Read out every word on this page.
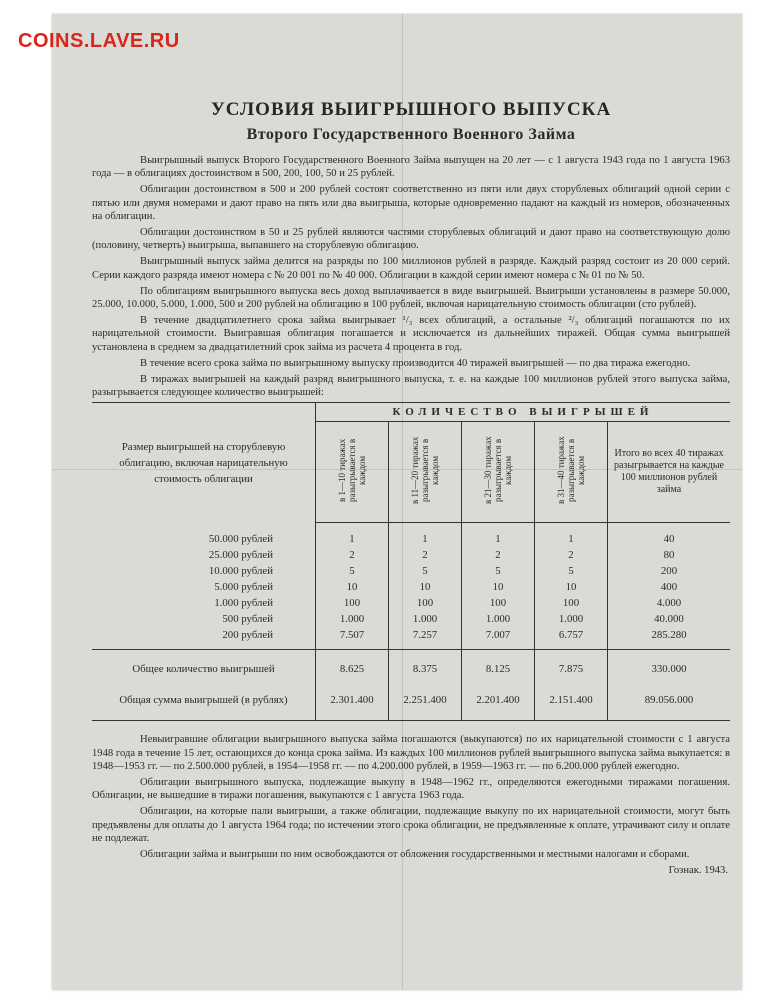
COINS.LAVE.RU
УСЛОВИЯ ВЫИГРЫШНОГО ВЫПУСКА
Второго Государственного Военного Займа

Выигрышный выпуск Второго Государственного Военного Займа выпущен на 20 лет — с 1 августа 1943 года по 1 августа 1963 года — в облигациях достоинством в 500, 200, 100, 50 и 25 рублей.

Облигации достоинством в 500 и 200 рублей состоят соответственно из пяти или двух сторублевых облигаций одной серии с пятью или двумя номерами и дают право на пять или два выигрыша, которые одновременно падают на каждый из номеров, обозначенных на облигации.

Облигации достоинством в 50 и 25 рублей являются частями сторублевых облигаций и дают право на соответствующую долю (половину, четверть) выигрыша, выпавшего на сторублевую облигацию.

Выигрышный выпуск займа делится на разряды по 100 миллионов рублей в разряде. Каждый разряд состоит из 20 000 серий. Серии каждого разряда имеют номера с № 20 001 по № 40 000. Облигации в каждой серии имеют номера с № 01 по № 50.

По облигациям выигрышного выпуска весь доход выплачивается в виде выигрышей. Выигрыши установлены в размере 50.000, 25.000, 10.000, 5.000, 1.000, 500 и 200 рублей на облигацию в 100 рублей, включая нарицательную стоимость облигации (сто рублей).

В течение двадцатилетнего срока займа выигрывает ¹/₃ всех облигаций, а остальные ²/₃ облигаций погашаются по их нарицательной стоимости. Выигравшая облигация погашается и исключается из дальнейших тиражей. Общая сумма выигрышей установлена в среднем за двадцатилетний срок займа из расчета 4 процента в год.

В течение всего срока займа по выигрышному выпуску производится 40 тиражей выигрышей — по два тиража ежегодно.

В тиражах выигрышей на каждый разряд выигрышного выпуска, т. е. на каждые 100 миллионов рублей этого выпуска займа, разыгрывается следующее количество выигрышей:

Размер выигрышей на сторублевую облигацию, включая нарицательную стоимость облигации	КОЛИЧЕСТВО ВЫИГРЫШЕЙ				
	в 1—10 тиражах разыгрывается в каждом	в 11—20 тиражах разыгрывается в каждом	в 21—30 тиражах разыгрывается в каждом	в 31—40 тиражах разыгрывается в каждом	Итого во всех 40 тиражах разыгрывается на каждые 100 миллионов рублей займа

50.000 рублей	1	1	1	1	40
25.000 рублей	2	2	2	2	80
10.000 рублей	5	5	5	5	200
5.000 рублей	10	10	10	10	400
1.000 рублей	100	100	100	100	4.000
500 рублей	1.000	1.000	1.000	1.000	40.000
200 рублей	7.507	7.257	7.007	6.757	285.280
Общее количество выигрышей	8.625	8.375	8.125	7.875	330.000
Общая сумма выигрышей (в рублях)	2.301.400	2.251.400	2.201.400	2.151.400	89.056.000

Невыигравшие облигации выигрышного выпуска займа погашаются (выкупаются) по их нарицательной стоимости с 1 августа 1948 года в течение 15 лет, остающихся до конца срока займа. Из каждых 100 миллионов рублей выигрышного выпуска займа выкупается: в 1948—1953 гг. — по 2.500.000 рублей, в 1954—1958 гг. — по 4.200.000 рублей, в 1959—1963 гг. — по 6.200.000 рублей ежегодно.

Облигации выигрышного выпуска, подлежащие выкупу в 1948—1962 гг., определяются ежегодными тиражами погашения. Облигации, не вышедшие в тиражи погашения, выкупаются с 1 августа 1963 года.

Облигации, на которые пали выигрыши, а также облигации, подлежащие выкупу по их нарицательной стоимости, могут быть предъявлены для оплаты до 1 августа 1964 года; по истечении этого срока облигации, не предъявленные к оплате, утрачивают силу и оплате не подлежат.

Облигации займа и выигрыши по ним освобождаются от обложения государственными и местными налогами и сборами.

Гознак. 1943.
